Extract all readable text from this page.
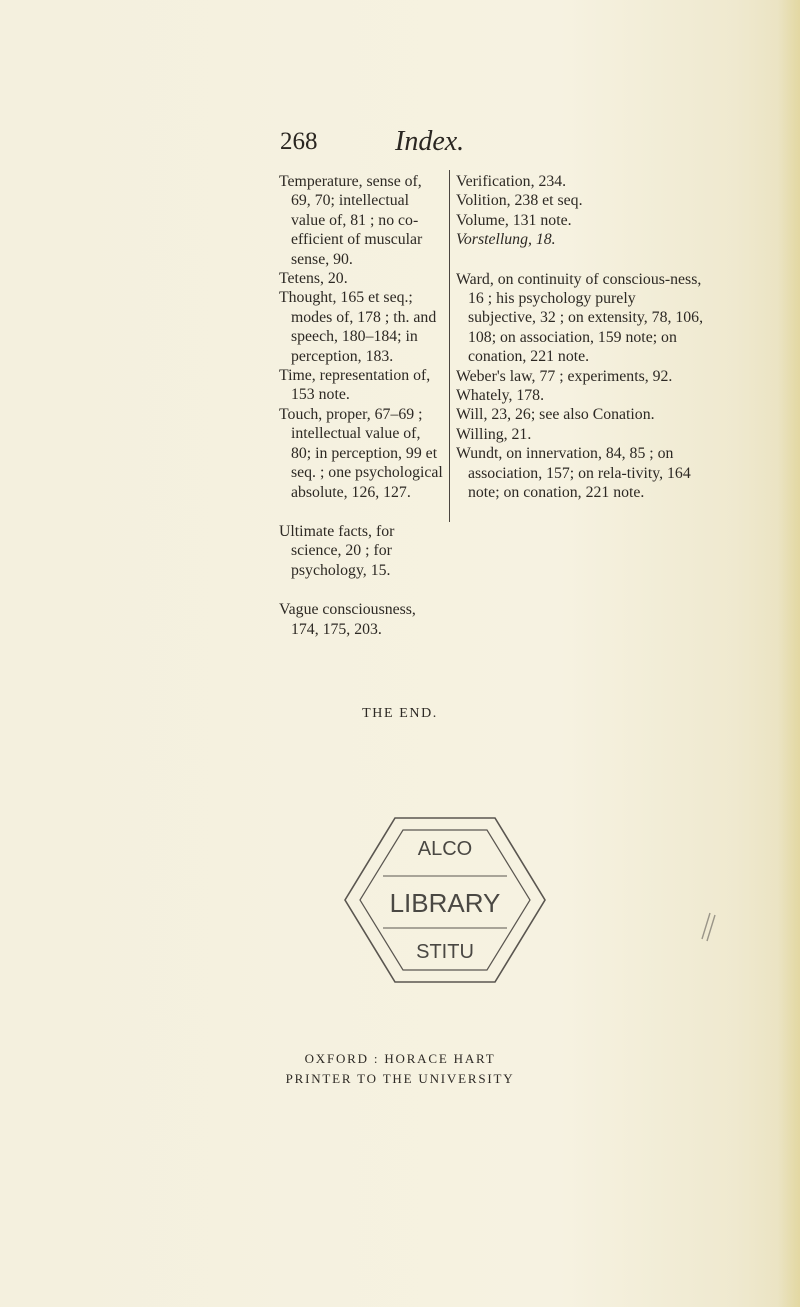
268	Index.

Temperature, sense of, 69, 70; intellectual value of, 81 ; no co-efficient of muscular sense, 90.

Tetens, 20.

Thought, 165 et seq.; modes of, 178 ; th. and speech, 180–184; in perception, 183.

Time, representation of, 153 note.

Touch, proper, 67–69 ; intellectual value of, 80; in perception, 99 et seq. ; one psychological absolute, 126, 127.

Ultimate facts, for science, 20 ; for psychology, 15.

Vague consciousness, 174, 175, 203.

Verification, 234.

Volition, 238 et seq.

Volume, 131 note.

Vorstellung, 18.

Ward, on continuity of conscious-ness, 16 ; his psychology purely subjective, 32 ; on extensity, 78, 106, 108; on association, 159 note; on conation, 221 note.

Weber's law, 77 ; experiments, 92.

Whately, 178.

Will, 23, 26; see also Conation.

Willing, 21.

Wundt, on innervation, 84, 85 ; on association, 157; on rela-tivity, 164 note; on conation, 221 note.

THE END.
ALCO
LIBRARY
STITU
OXFORD : HORACE HART
PRINTER TO THE UNIVERSITY
